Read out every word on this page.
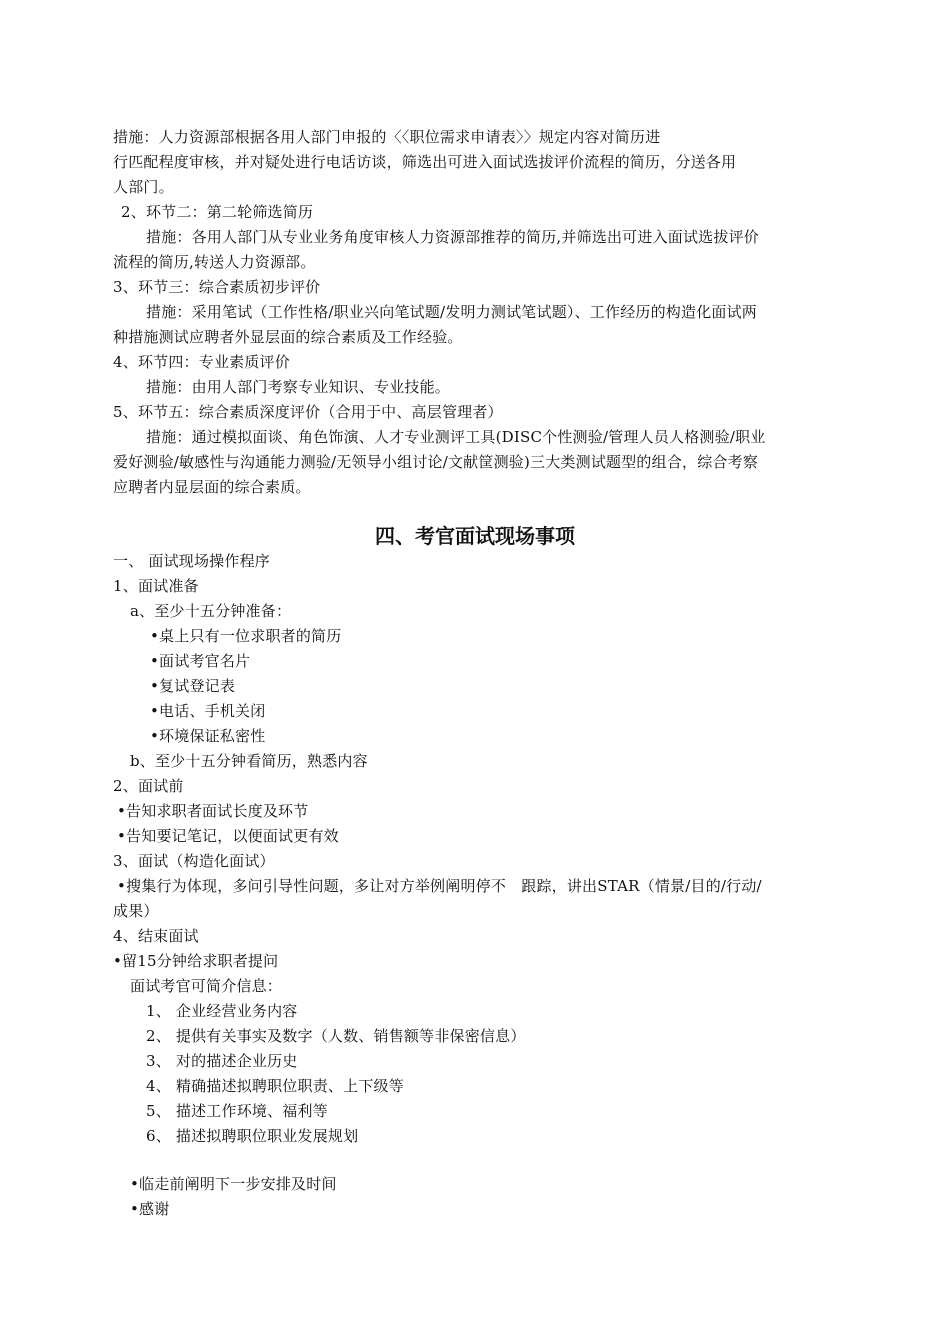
措施：人力资源部根据各用人部门申报的〈〈职位需求申请表〉〉规定内容对简历进
行匹配程度审核，并对疑处进行电话访谈，筛选出可进入面试选拔评价流程的简历，分送各用
人部门。
2、环节二：第二轮筛选简历
措施：各用人部门从专业业务角度审核人力资源部推荐的简历,并筛选出可进入面试选拔评价
流程的简历,转送人力资源部。
3、环节三：综合素质初步评价
措施：采用笔试（工作性格/职业兴向笔试题/发明力测试笔试题）、工作经历的构造化面试两
种措施测试应聘者外显层面的综合素质及工作经验。
4、环节四：专业素质评价
措施：由用人部门考察专业知识、专业技能。
5、环节五：综合素质深度评价（合用于中、高层管理者）
措施：通过模拟面谈、角色饰演、人才专业测评工具(DISC个性测验/管理人员人格测验/职业
爱好测验/敏感性与沟通能力测验/无领导小组讨论/文献筐测验)三大类测试题型的组合，综合考察
应聘者内显层面的综合素质。
四、考官面试现场事项
一、 面试现场操作程序
1、面试准备
a、至少十五分钟准备：
•桌上只有一位求职者的简历
•面试考官名片
•复试登记表
•电话、手机关闭
•环境保证私密性
b、至少十五分钟看简历，熟悉内容
2、面试前
•告知求职者面试长度及环节
•告知要记笔记，以便面试更有效
3、面试（构造化面试）
•搜集行为体现，多问引导性问题，多让对方举例阐明停不　跟踪，讲出STAR（情景/目的/行动/
成果）
4、结束面试
•留15分钟给求职者提问
面试考官可简介信息：
1、 企业经营业务内容
2、 提供有关事实及数字（人数、销售额等非保密信息）
3、 对的描述企业历史
4、 精确描述拟聘职位职责、上下级等
5、 描述工作环境、福利等
6、 描述拟聘职位职业发展规划
•临走前阐明下一步安排及时间
•感谢
